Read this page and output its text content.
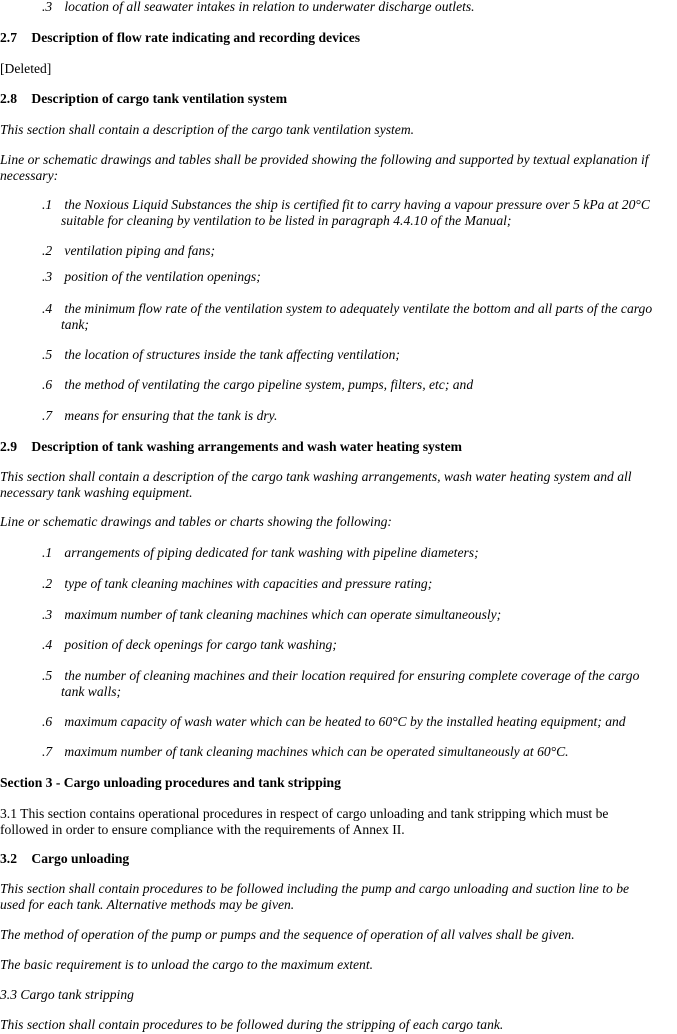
.3 location of all seawater intakes in relation to underwater discharge outlets.

2.7 Description of flow rate indicating and recording devices

[Deleted]

2.8 Description of cargo tank ventilation system

This section shall contain a description of the cargo tank ventilation system.

Line or schematic drawings and tables shall be provided showing the following and supported by textual explanation if
necessary:

.1 the Noxious Liquid Substances the ship is certified fit to carry having a vapour pressure over 5 kPa at 20°C
suitable for cleaning by ventilation to be listed in paragraph 4.4.10 of the Manual;

.2 ventilation piping and fans;

.3 position of the ventilation openings;

.4 the minimum flow rate of the ventilation system to adequately ventilate the bottom and all parts of the cargo
tank;

.5 the location of structures inside the tank affecting ventilation;

.6 the method of ventilating the cargo pipeline system, pumps, filters, etc; and

.7 means for ensuring that the tank is dry.

2.9 Description of tank washing arrangements and wash water heating system

This section shall contain a description of the cargo tank washing arrangements, wash water heating system and all
necessary tank washing equipment.

Line or schematic drawings and tables or charts showing the following:

.1 arrangements of piping dedicated for tank washing with pipeline diameters;

.2 type of tank cleaning machines with capacities and pressure rating;

.3 maximum number of tank cleaning machines which can operate simultaneously;

.4 position of deck openings for cargo tank washing;

.5 the number of cleaning machines and their location required for ensuring complete coverage of the cargo
tank walls;

.6 maximum capacity of wash water which can be heated to 60°C by the installed heating equipment; and

.7 maximum number of tank cleaning machines which can be operated simultaneously at 60°C.

Section 3 - Cargo unloading procedures and tank stripping

3.1 This section contains operational procedures in respect of cargo unloading and tank stripping which must be
followed in order to ensure compliance with the requirements of Annex II.

3.2 Cargo unloading

This section shall contain procedures to be followed including the pump and cargo unloading and suction line to be
used for each tank. Alternative methods may be given.

The method of operation of the pump or pumps and the sequence of operation of all valves shall be given.

The basic requirement is to unload the cargo to the maximum extent.

3.3 Cargo tank stripping

This section shall contain procedures to be followed during the stripping of each cargo tank.
